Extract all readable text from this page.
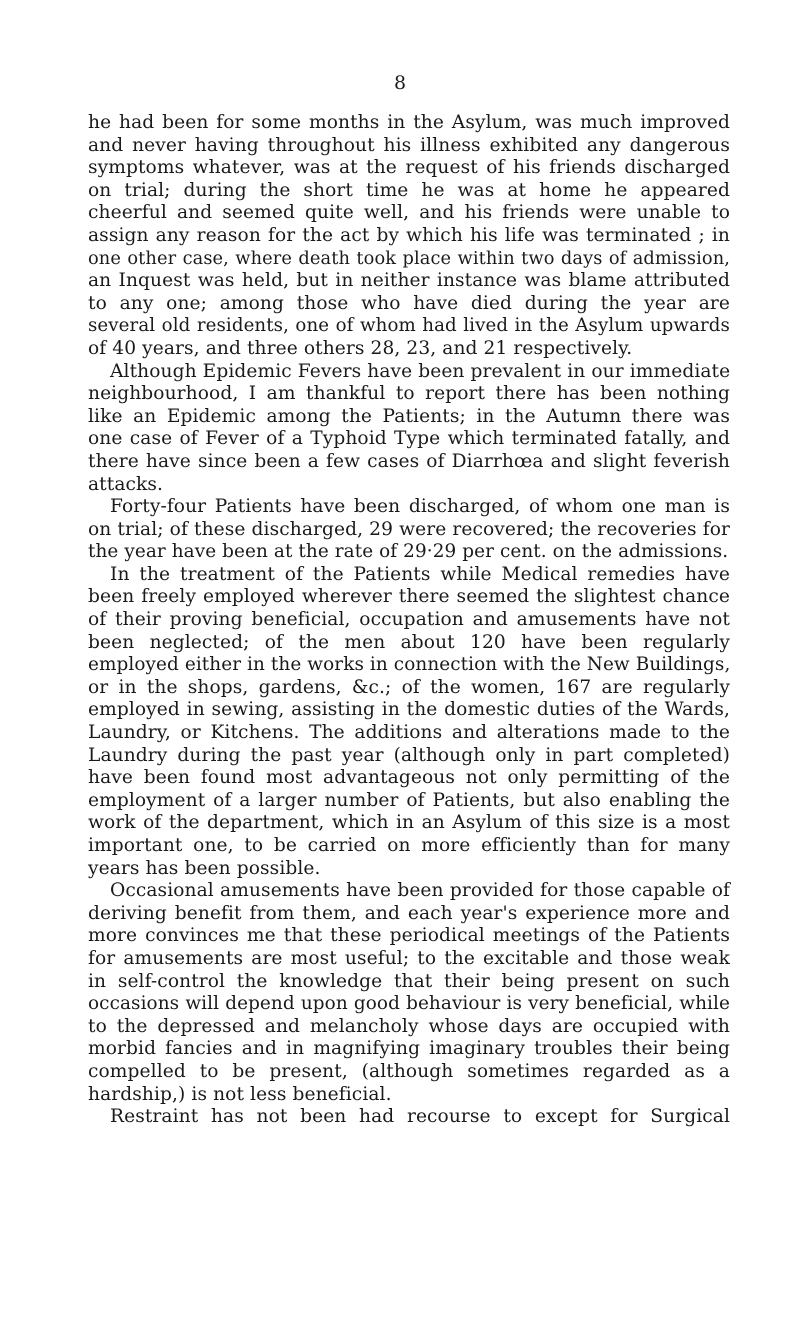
8
he had been for some months in the Asylum, was much improved
and never having throughout his illness exhibited any dangerous
symptoms whatever, was at the request of his friends discharged
on trial; during the short time he was at home he appeared
cheerful and seemed quite well, and his friends were unable to
assign any reason for the act by which his life was terminated ; in
one other case, where death took place within two days of admission,
an Inquest was held, but in neither instance was blame attributed
to any one; among those who have died during the year are
several old residents, one of whom had lived in the Asylum upwards
of 40 years, and three others 28, 23, and 21 respectively.
Although Epidemic Fevers have been prevalent in our immediate
neighbourhood, I am thankful to report there has been nothing
like an Epidemic among the Patients; in the Autumn there was
one case of Fever of a Typhoid Type which terminated fatally, and
there have since been a few cases of Diarrhœa and slight feverish
attacks.
Forty-four Patients have been discharged, of whom one man is
on trial; of these discharged, 29 were recovered; the recoveries for
the year have been at the rate of 29·29 per cent. on the admissions.
In the treatment of the Patients while Medical remedies have
been freely employed wherever there seemed the slightest chance
of their proving beneficial, occupation and amusements have not
been neglected; of the men about 120 have been regularly
employed either in the works in connection with the New Buildings,
or in the shops, gardens, &c.; of the women, 167 are regularly
employed in sewing, assisting in the domestic duties of the Wards,
Laundry, or Kitchens. The additions and alterations made to the
Laundry during the past year (although only in part completed)
have been found most advantageous not only permitting of the
employment of a larger number of Patients, but also enabling the
work of the department, which in an Asylum of this size is a most
important one, to be carried on more efficiently than for many
years has been possible.
Occasional amusements have been provided for those capable of
deriving benefit from them, and each year's experience more and
more convinces me that these periodical meetings of the Patients
for amusements are most useful; to the excitable and those weak
in self-control the knowledge that their being present on such
occasions will depend upon good behaviour is very beneficial, while
to the depressed and melancholy whose days are occupied with
morbid fancies and in magnifying imaginary troubles their being
compelled to be present, (although sometimes regarded as a
hardship,) is not less beneficial.
Restraint has not been had recourse to except for Surgical
